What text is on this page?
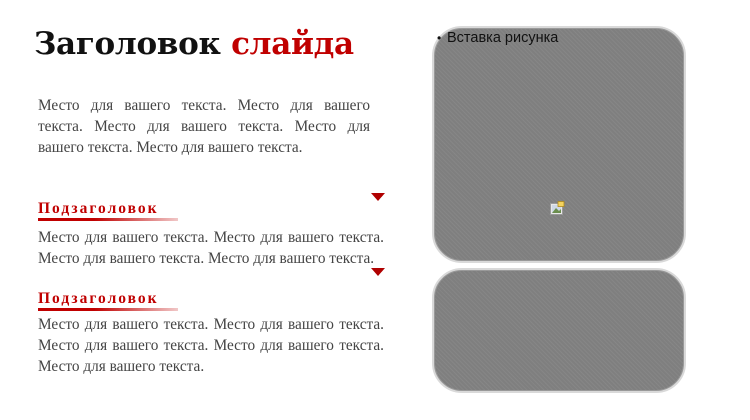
Заголовок слайда

Место для вашего текста. Место для вашего текста. Место для вашего текста. Место для вашего текста. Место для вашего текста.

Подзаголовок

Место для вашего текста. Место для вашего текста. Место для вашего текста. Место для вашего текста.

Подзаголовок

Место для вашего текста. Место для вашего текста. Место для вашего текста. Место для вашего текста. Место для вашего текста.

• Вставка рисунка
